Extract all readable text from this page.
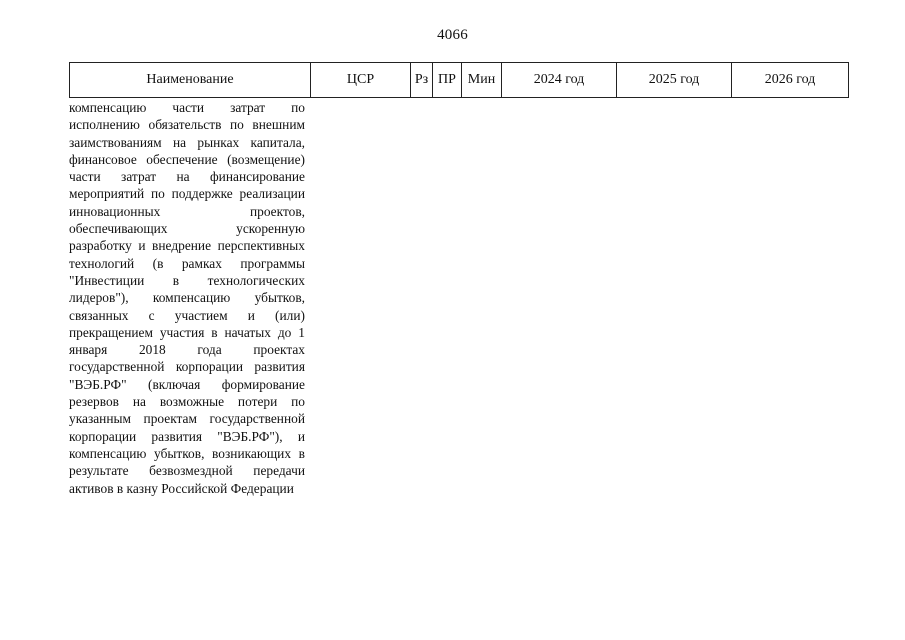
4066
Наименование	ЦСР	Рз	ПР	Мин	2024 год	2025 год	2026 год
компенсацию части затрат по исполнению обязательств по внешним заимствованиям на рынках капитала, финансовое обеспечение (возмещение) части затрат на финансирование мероприятий по поддержке реализации инновационных проектов, обеспечивающих ускоренную разработку и внедрение перспективных технологий (в рамках программы "Инвестиции в технологических лидеров"), компенсацию убытков, связанных с участием и (или) прекращением участия в начатых до 1 января 2018 года проектах государственной корпорации развития "ВЭБ.РФ" (включая формирование резервов на возможные потери по указанным проектам государственной корпорации развития "ВЭБ.РФ"), и компенсацию убытков, возникающих в результате безвозмездной передачи активов в казну Российской Федерации
